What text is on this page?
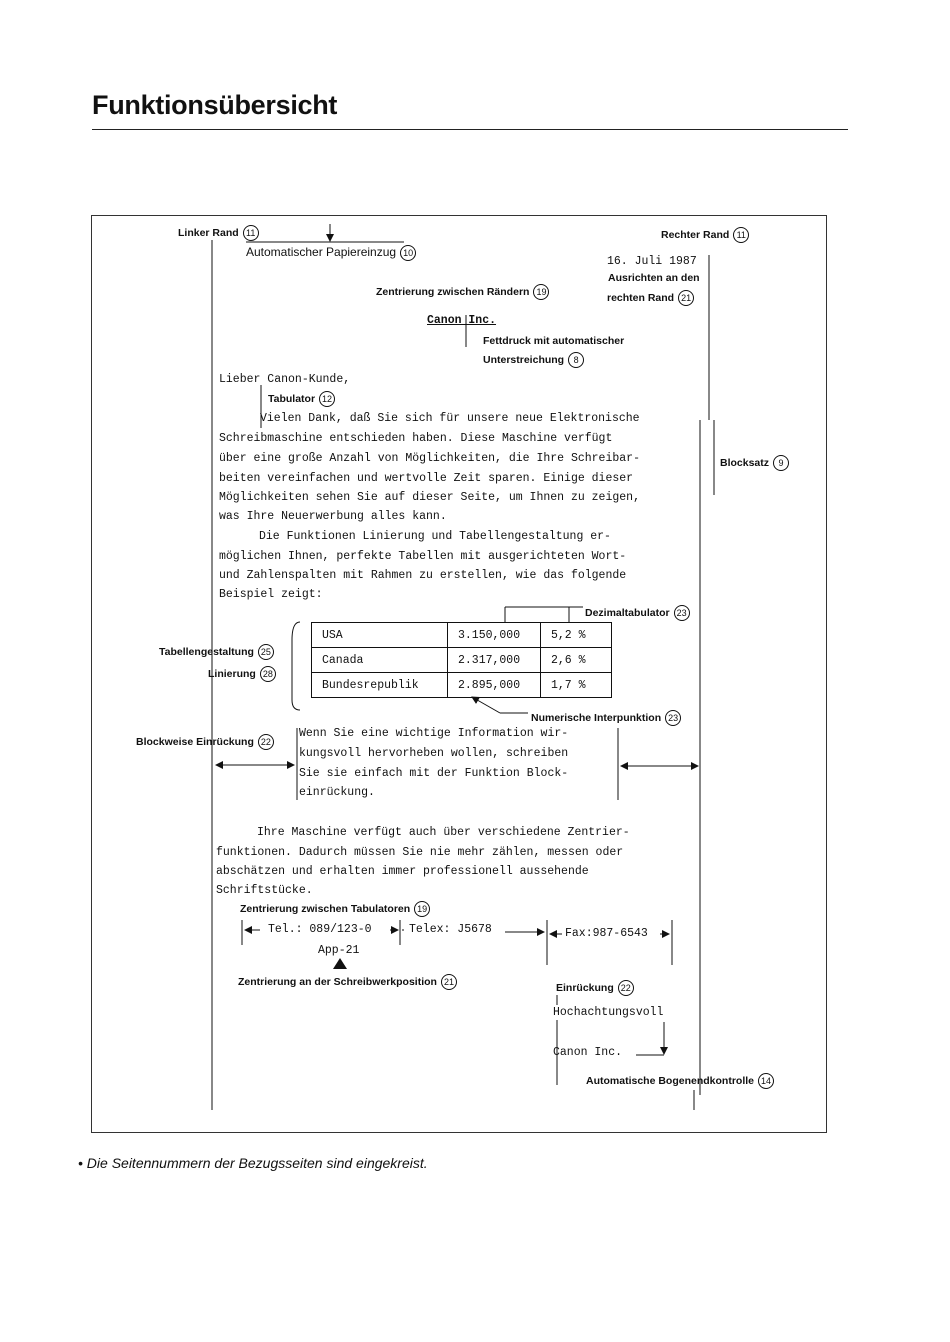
Funktionsübersicht
Linker Rand 11
Automatischer Papiereinzug 10
Rechter Rand 11
Ausrichten an den
rechten Rand 21
Zentrierung zwischen Rändern 19
Fettdruck mit automatischer
Unterstreichung 8
Tabulator 12
Blocksatz 9
Dezimaltabulator 23
Tabellengestaltung 25
Linierung 28
Numerische Interpunktion 23
Blockweise Einrückung 22
Zentrierung zwischen Tabulatoren 19
Zentrierung an der Schreibwerkposition 21	Einrückung 22
Automatische Bogenendkontrolle 14
16. Juli 1987
Canon Inc.
Lieber Canon-Kunde,
Vielen Dank, daß Sie sich für unsere neue Elektronische
Schreibmaschine entschieden haben. Diese Maschine verfügt
über eine große Anzahl von Möglichkeiten, die Ihre Schreibar-
beiten vereinfachen und wertvolle Zeit sparen. Einige dieser
Möglichkeiten sehen Sie auf dieser Seite, um Ihnen zu zeigen,
was Ihre Neuerwerbung alles kann.
Die Funktionen Linierung und Tabellengestaltung er-
möglichen Ihnen, perfekte Tabellen mit ausgerichteten Wort-
und Zahlenspalten mit Rahmen zu erstellen, wie das folgende
Beispiel zeigt:
USA	3.150,000	5,2 %
Canada	2.317,000	2,6 %
Bundesrepublik	2.895,000	1,7 %
Wenn Sie eine wichtige Information wir-
kungsvoll hervorheben wollen, schreiben
Sie sie einfach mit der Funktion Block-
einrückung.
Ihre Maschine verfügt auch über verschiedene Zentrier-
funktionen. Dadurch müssen Sie nie mehr zählen, messen oder
abschätzen und erhalten immer professionell aussehende
Schriftstücke.
Tel.: 089/123-0	Telex: J5678	Fax:987-6543
App-21
Hochachtungsvoll
Canon Inc.
• Die Seitennummern der Bezugsseiten sind eingekreist.
